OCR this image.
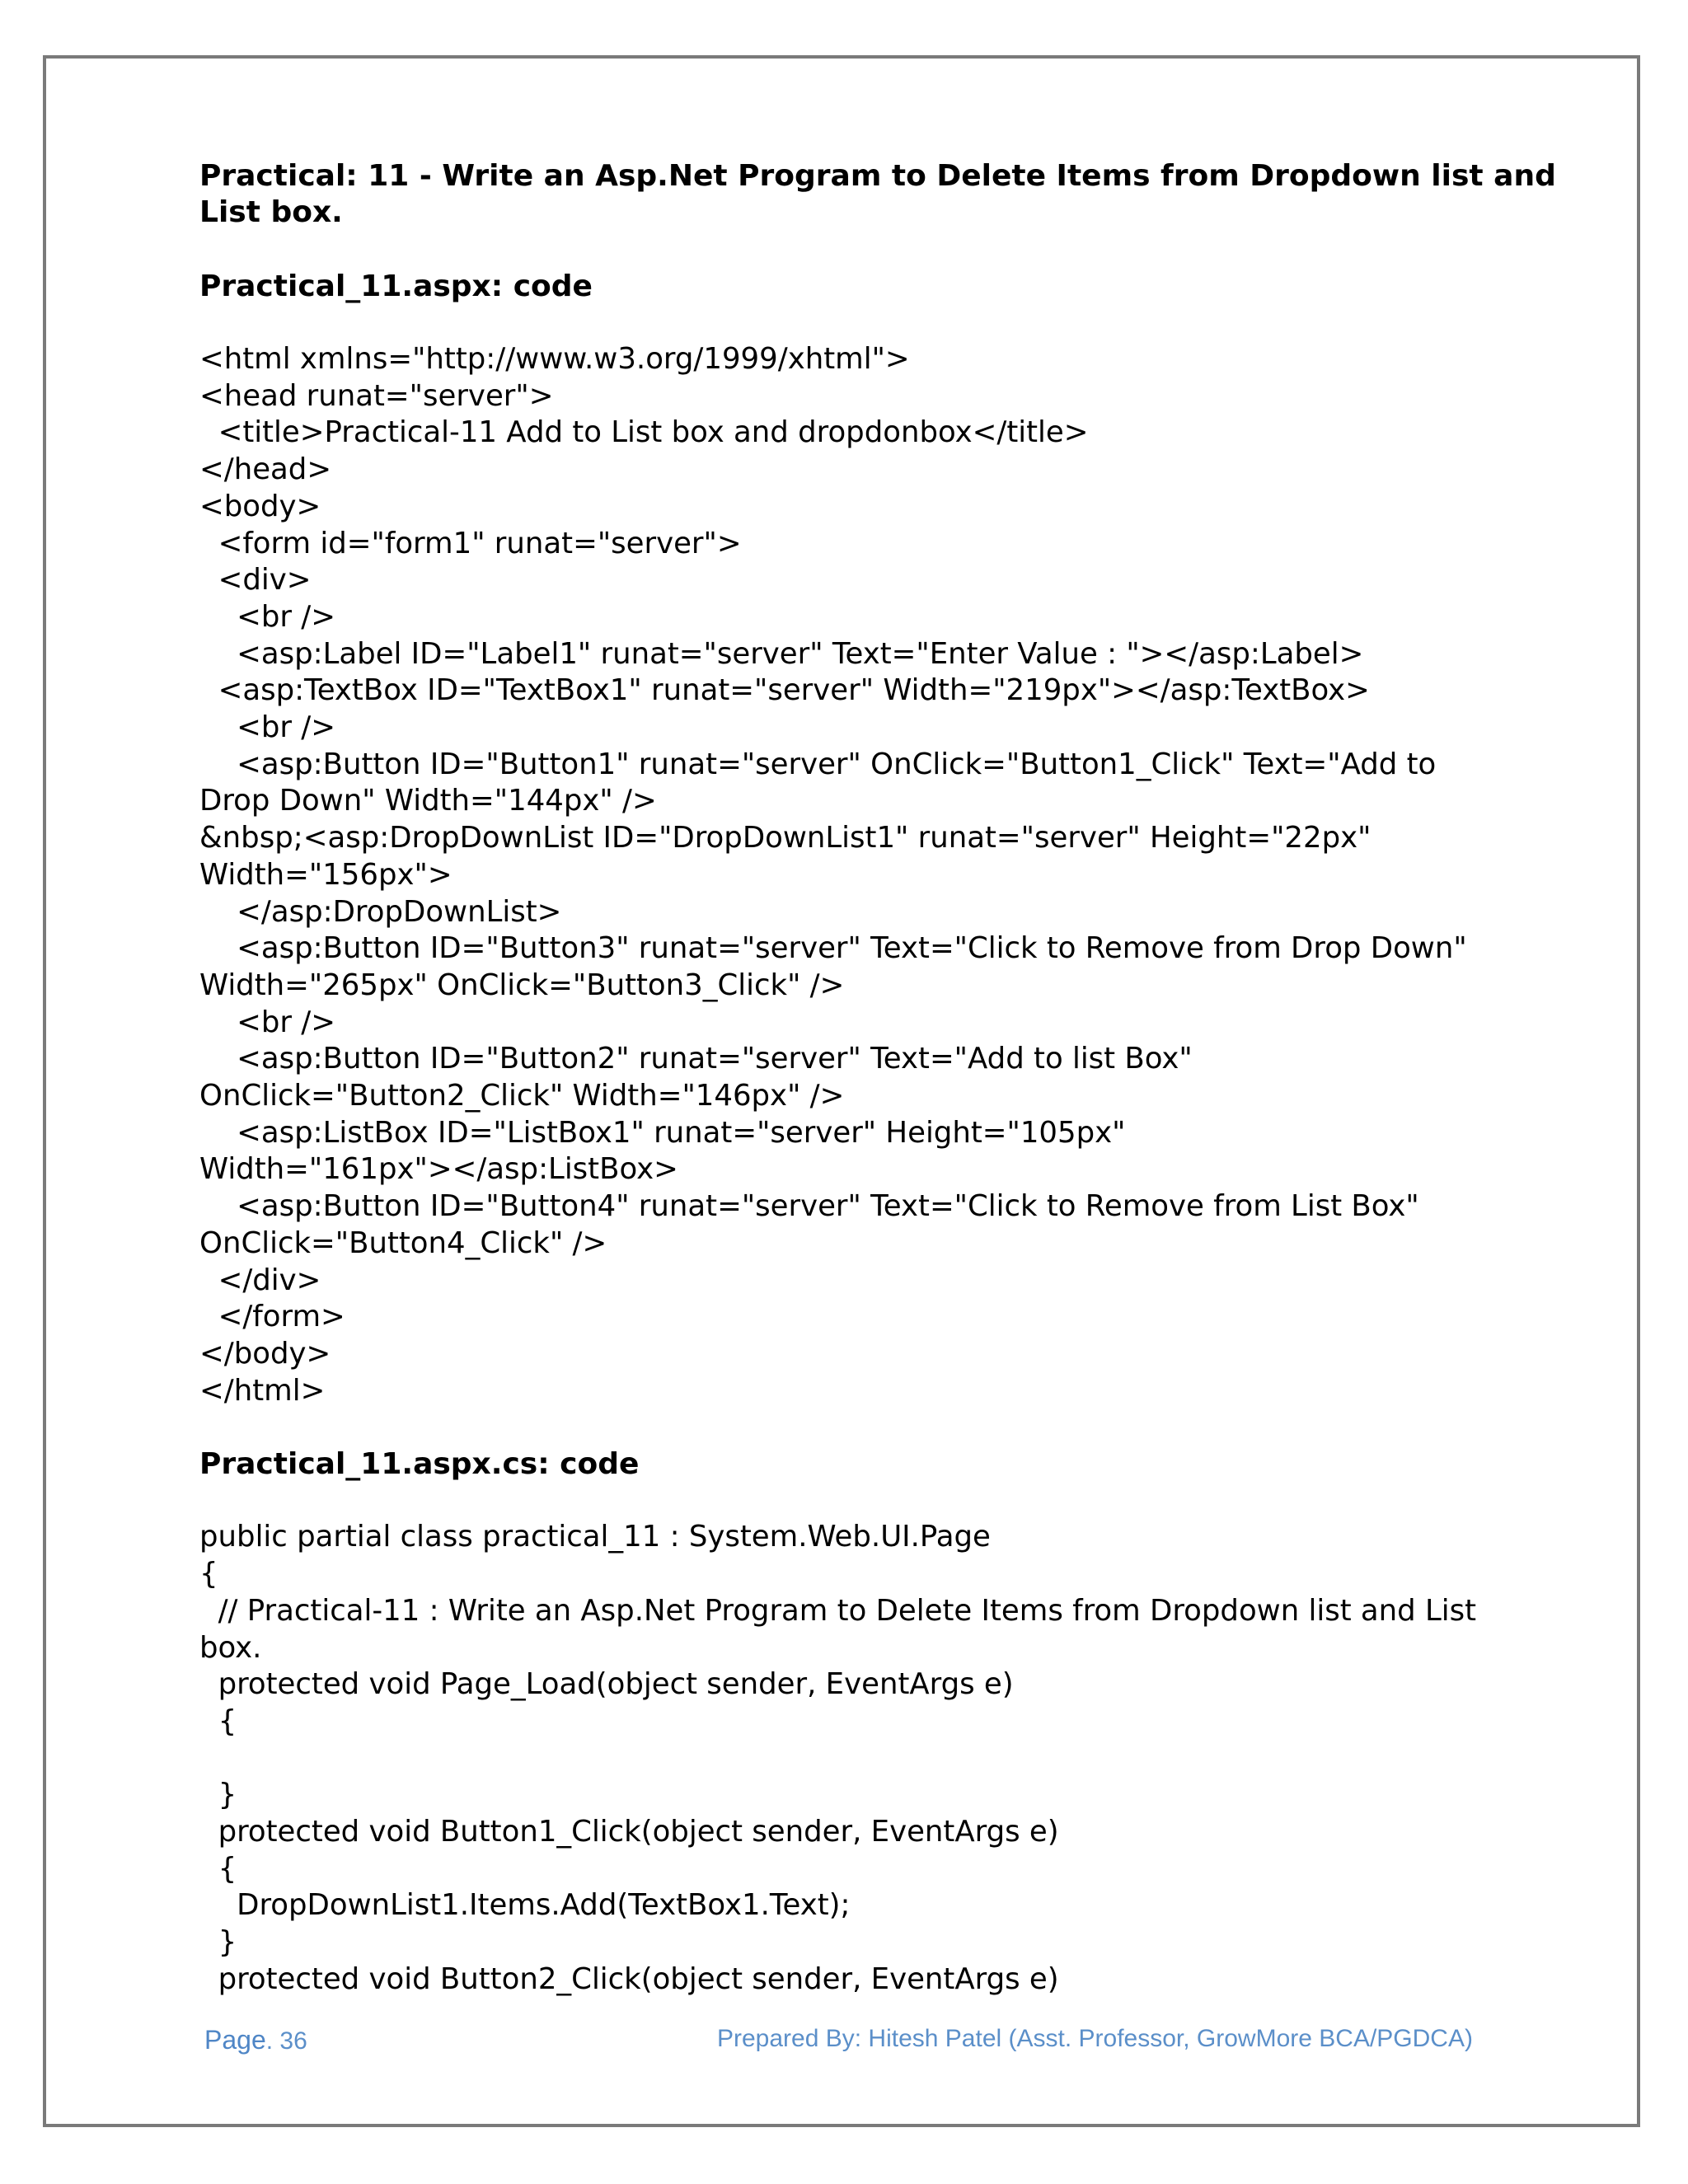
Practical: 11 - Write an Asp.Net Program to Delete Items from Dropdown list and List box.

Practical_11.aspx: code

<html xmlns="http://www.w3.org/1999/xhtml">
<head runat="server">
<title>Practical-11 Add to List box and dropdonbox</title>
</head>
<body>
<form id="form1" runat="server">
<div>
<br />
<asp:Label ID="Label1" runat="server" Text="Enter Value : "></asp:Label>
<asp:TextBox ID="TextBox1" runat="server" Width="219px"></asp:TextBox>
<br />
<asp:Button ID="Button1" runat="server" OnClick="Button1_Click" Text="Add to
Drop Down" Width="144px" />
&nbsp;<asp:DropDownList ID="DropDownList1" runat="server" Height="22px"
Width="156px">
</asp:DropDownList>
<asp:Button ID="Button3" runat="server" Text="Click to Remove from Drop Down"
Width="265px" OnClick="Button3_Click" />
<br />
<asp:Button ID="Button2" runat="server" Text="Add to list Box"
OnClick="Button2_Click" Width="146px" />
<asp:ListBox ID="ListBox1" runat="server" Height="105px"
Width="161px"></asp:ListBox>
<asp:Button ID="Button4" runat="server" Text="Click to Remove from List Box"
OnClick="Button4_Click" />
</div>
</form>
</body>
</html>

Practical_11.aspx.cs: code

public partial class practical_11 : System.Web.UI.Page
{
// Practical-11 : Write an Asp.Net Program to Delete Items from Dropdown list and List
box.
protected void Page_Load(object sender, EventArgs e)
{

}
protected void Button1_Click(object sender, EventArgs e)
{
DropDownList1.Items.Add(TextBox1.Text);
}
protected void Button2_Click(object sender, EventArgs e)
Page. 36	Prepared By: Hitesh Patel (Asst. Professor, GrowMore BCA/PGDCA)
